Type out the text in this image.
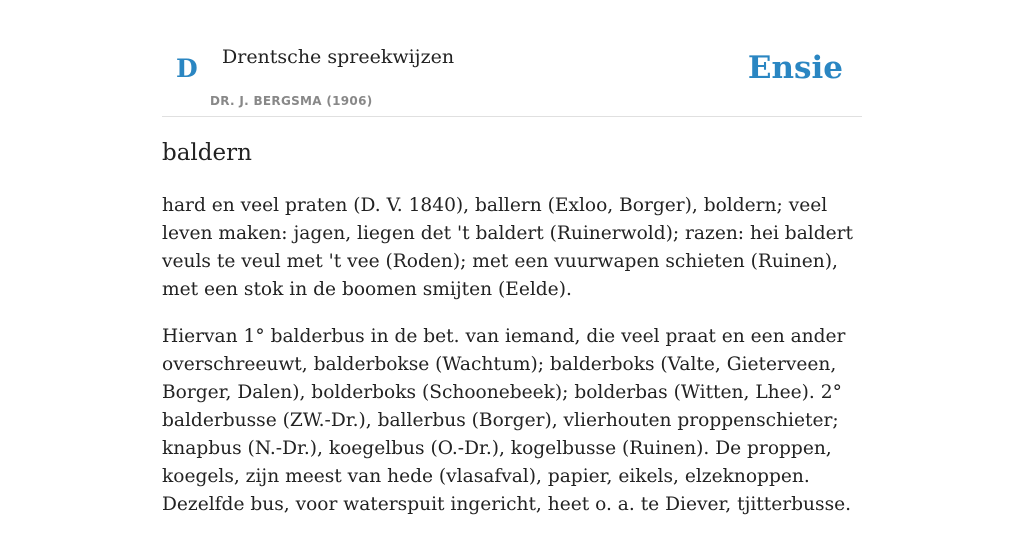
D Drentsche spreekwijzen
DR. J. BERGSMA (1906)
Ensie
baldern

hard en veel praten (D. V. 1840), ballern (Exloo, Borger), boldern; veel leven maken: jagen, liegen det 't baldert (Ruinerwold); razen: hei baldert veuls te veul met 't vee (Roden); met een vuurwapen schieten (Ruinen), met een stok in de boomen smijten (Eelde).

Hiervan 1° balderbus in de bet. van iemand, die veel praat en een ander overschreeuwt, balderbokse (Wachtum); balderboks (Valte, Gieterveen, Borger, Dalen), bolderboks (Schoonebeek); bolderbas (Witten, Lhee). 2° balderbusse (ZW.-Dr.), ballerbus (Borger), vlierhouten proppenschieter; knapbus (N.-Dr.), koegelbus (O.-Dr.), kogelbusse (Ruinen). De proppen, koegels, zijn meest van hede (vlasafval), papier, eikels, elzeknoppen. Dezelfde bus, voor waterspuit ingericht, heet o. a. te Diever, tjitterbusse.
